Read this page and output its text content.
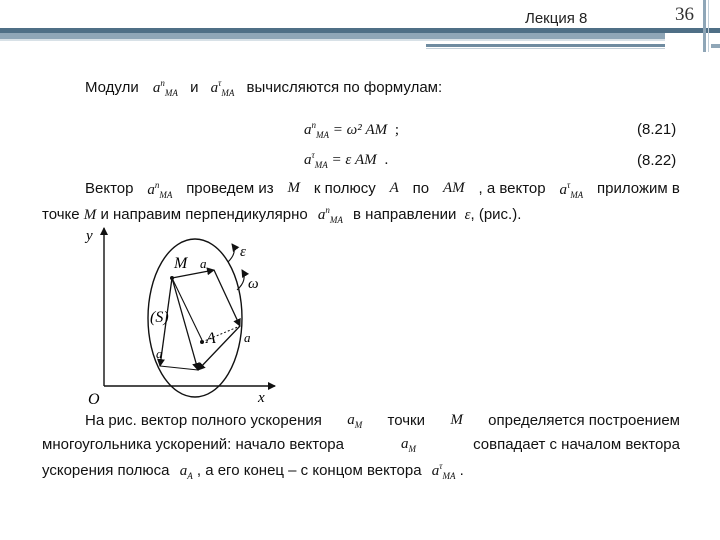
Лекция 8	36
Модули $a^n_{MA}$ и $a^\tau_{MA}$ вычисляются по формулам:
$a^n_{MA} = \omega^2$ AM ;	(8.21)
$a^\tau_{MA} = \varepsilon$ AM .	(8.22)
Вектор $a^n_{MA}$ проведем из M к полюсу A по AM , а вектор $a^\tau_{MA}$ приложим в
точке M и направим перпендикулярно $a^n_{MA}$ в направлении ε, (рис.).
y
x
O
M
A
(S)
ε
ω
a
a
a
На рис. вектор полного ускорения $a_M$ точки M определяется построением
многоугольника ускорений: начало вектора	$a_M$	совпадает с началом вектора
ускорения полюса $a_A$ , а его конец – с концом вектора $a^\tau_{MA}$ .
